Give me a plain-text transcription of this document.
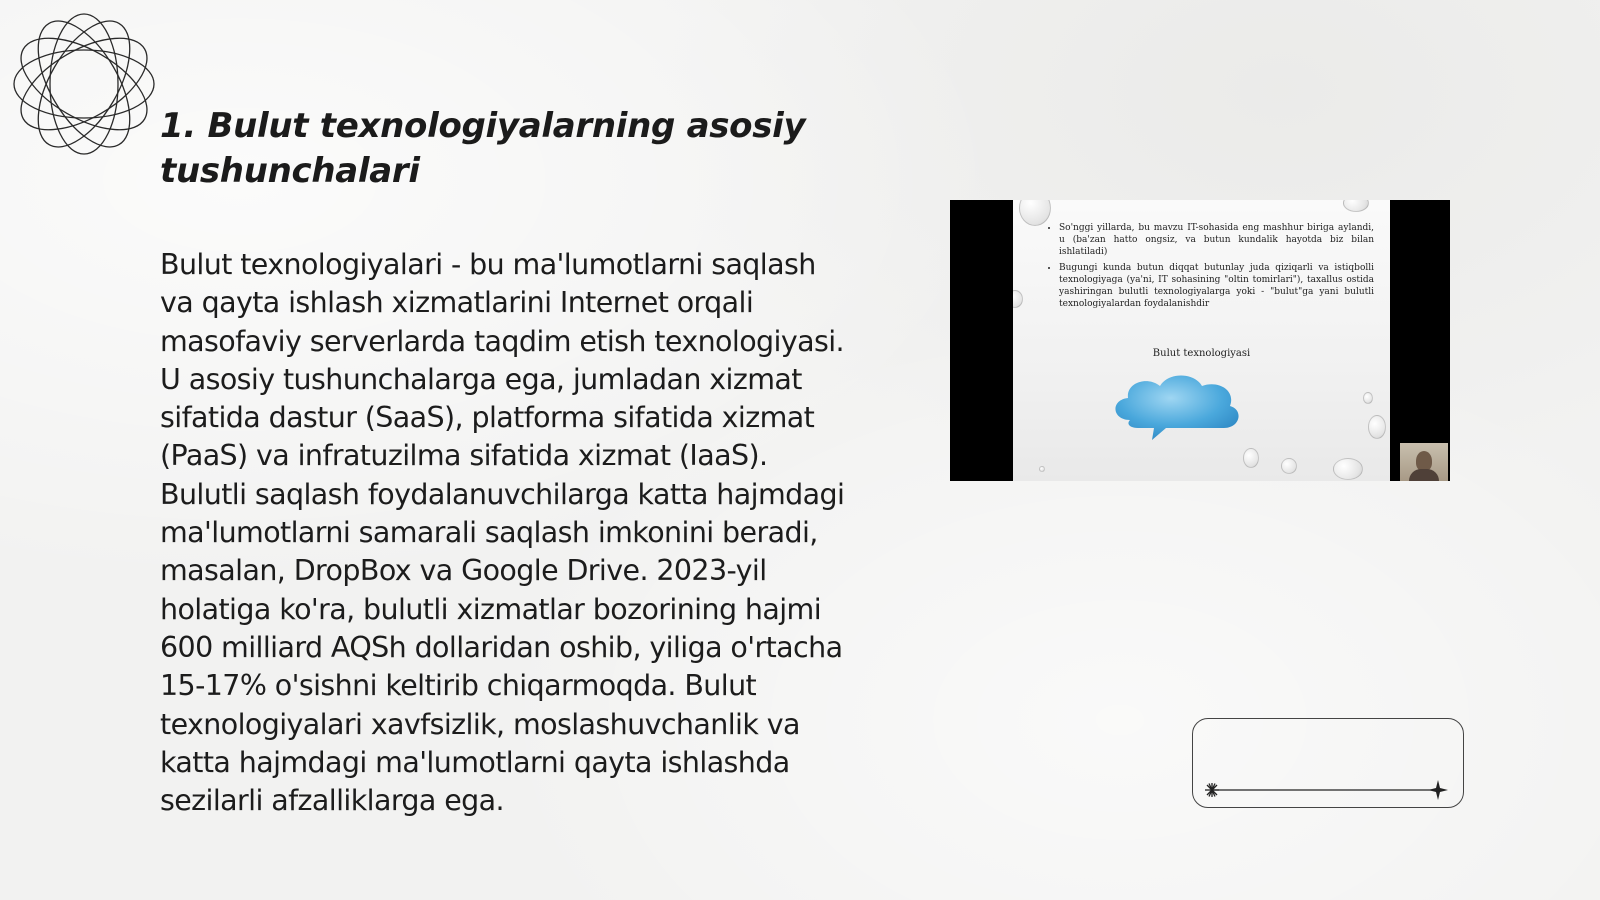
1. Bulut texnologiyalarning asosiy tushunchalari

Bulut texnologiyalari - bu ma'lumotlarni saqlash va qayta ishlash xizmatlarini Internet orqali masofaviy serverlarda taqdim etish texnologiyasi. U asosiy tushunchalarga ega, jumladan xizmat sifatida dastur (SaaS), platforma sifatida xizmat (PaaS) va infratuzilma sifatida xizmat (IaaS). Bulutli saqlash foydalanuvchilarga katta hajmdagi ma'lumotlarni samarali saqlash imkonini beradi, masalan, DropBox va Google Drive. 2023-yil holatiga ko'ra, bulutli xizmatlar bozorining hajmi 600 milliard AQSh dollaridan oshib, yiliga o'rtacha 15-17% o'sishni keltirib chiqarmoqda. Bulut texnologiyalari xavfsizlik, moslashuvchanlik va katta hajmdagi ma'lumotlarni qayta ishlashda sezilarli afzalliklarga ega.

• So'nggi yillarda, bu mavzu IT-sohasida eng mashhur biriga aylandi, u (ba'zan hatto ongsiz, va butun kundalik hayotda biz bilan ishlatiladi)
• Bugungi kunda butun diqqat butunlay juda qiziqarli va istiqbolli texnologiyaga (ya'ni, IT sohasining "oltin tomirlari"), taxallus ostida yashiringan bulutli texnologiyalarga yoki - "bulut"ga yani bulutli texnologiyalardan foydalanishdir
Bulut texnologiyasi
